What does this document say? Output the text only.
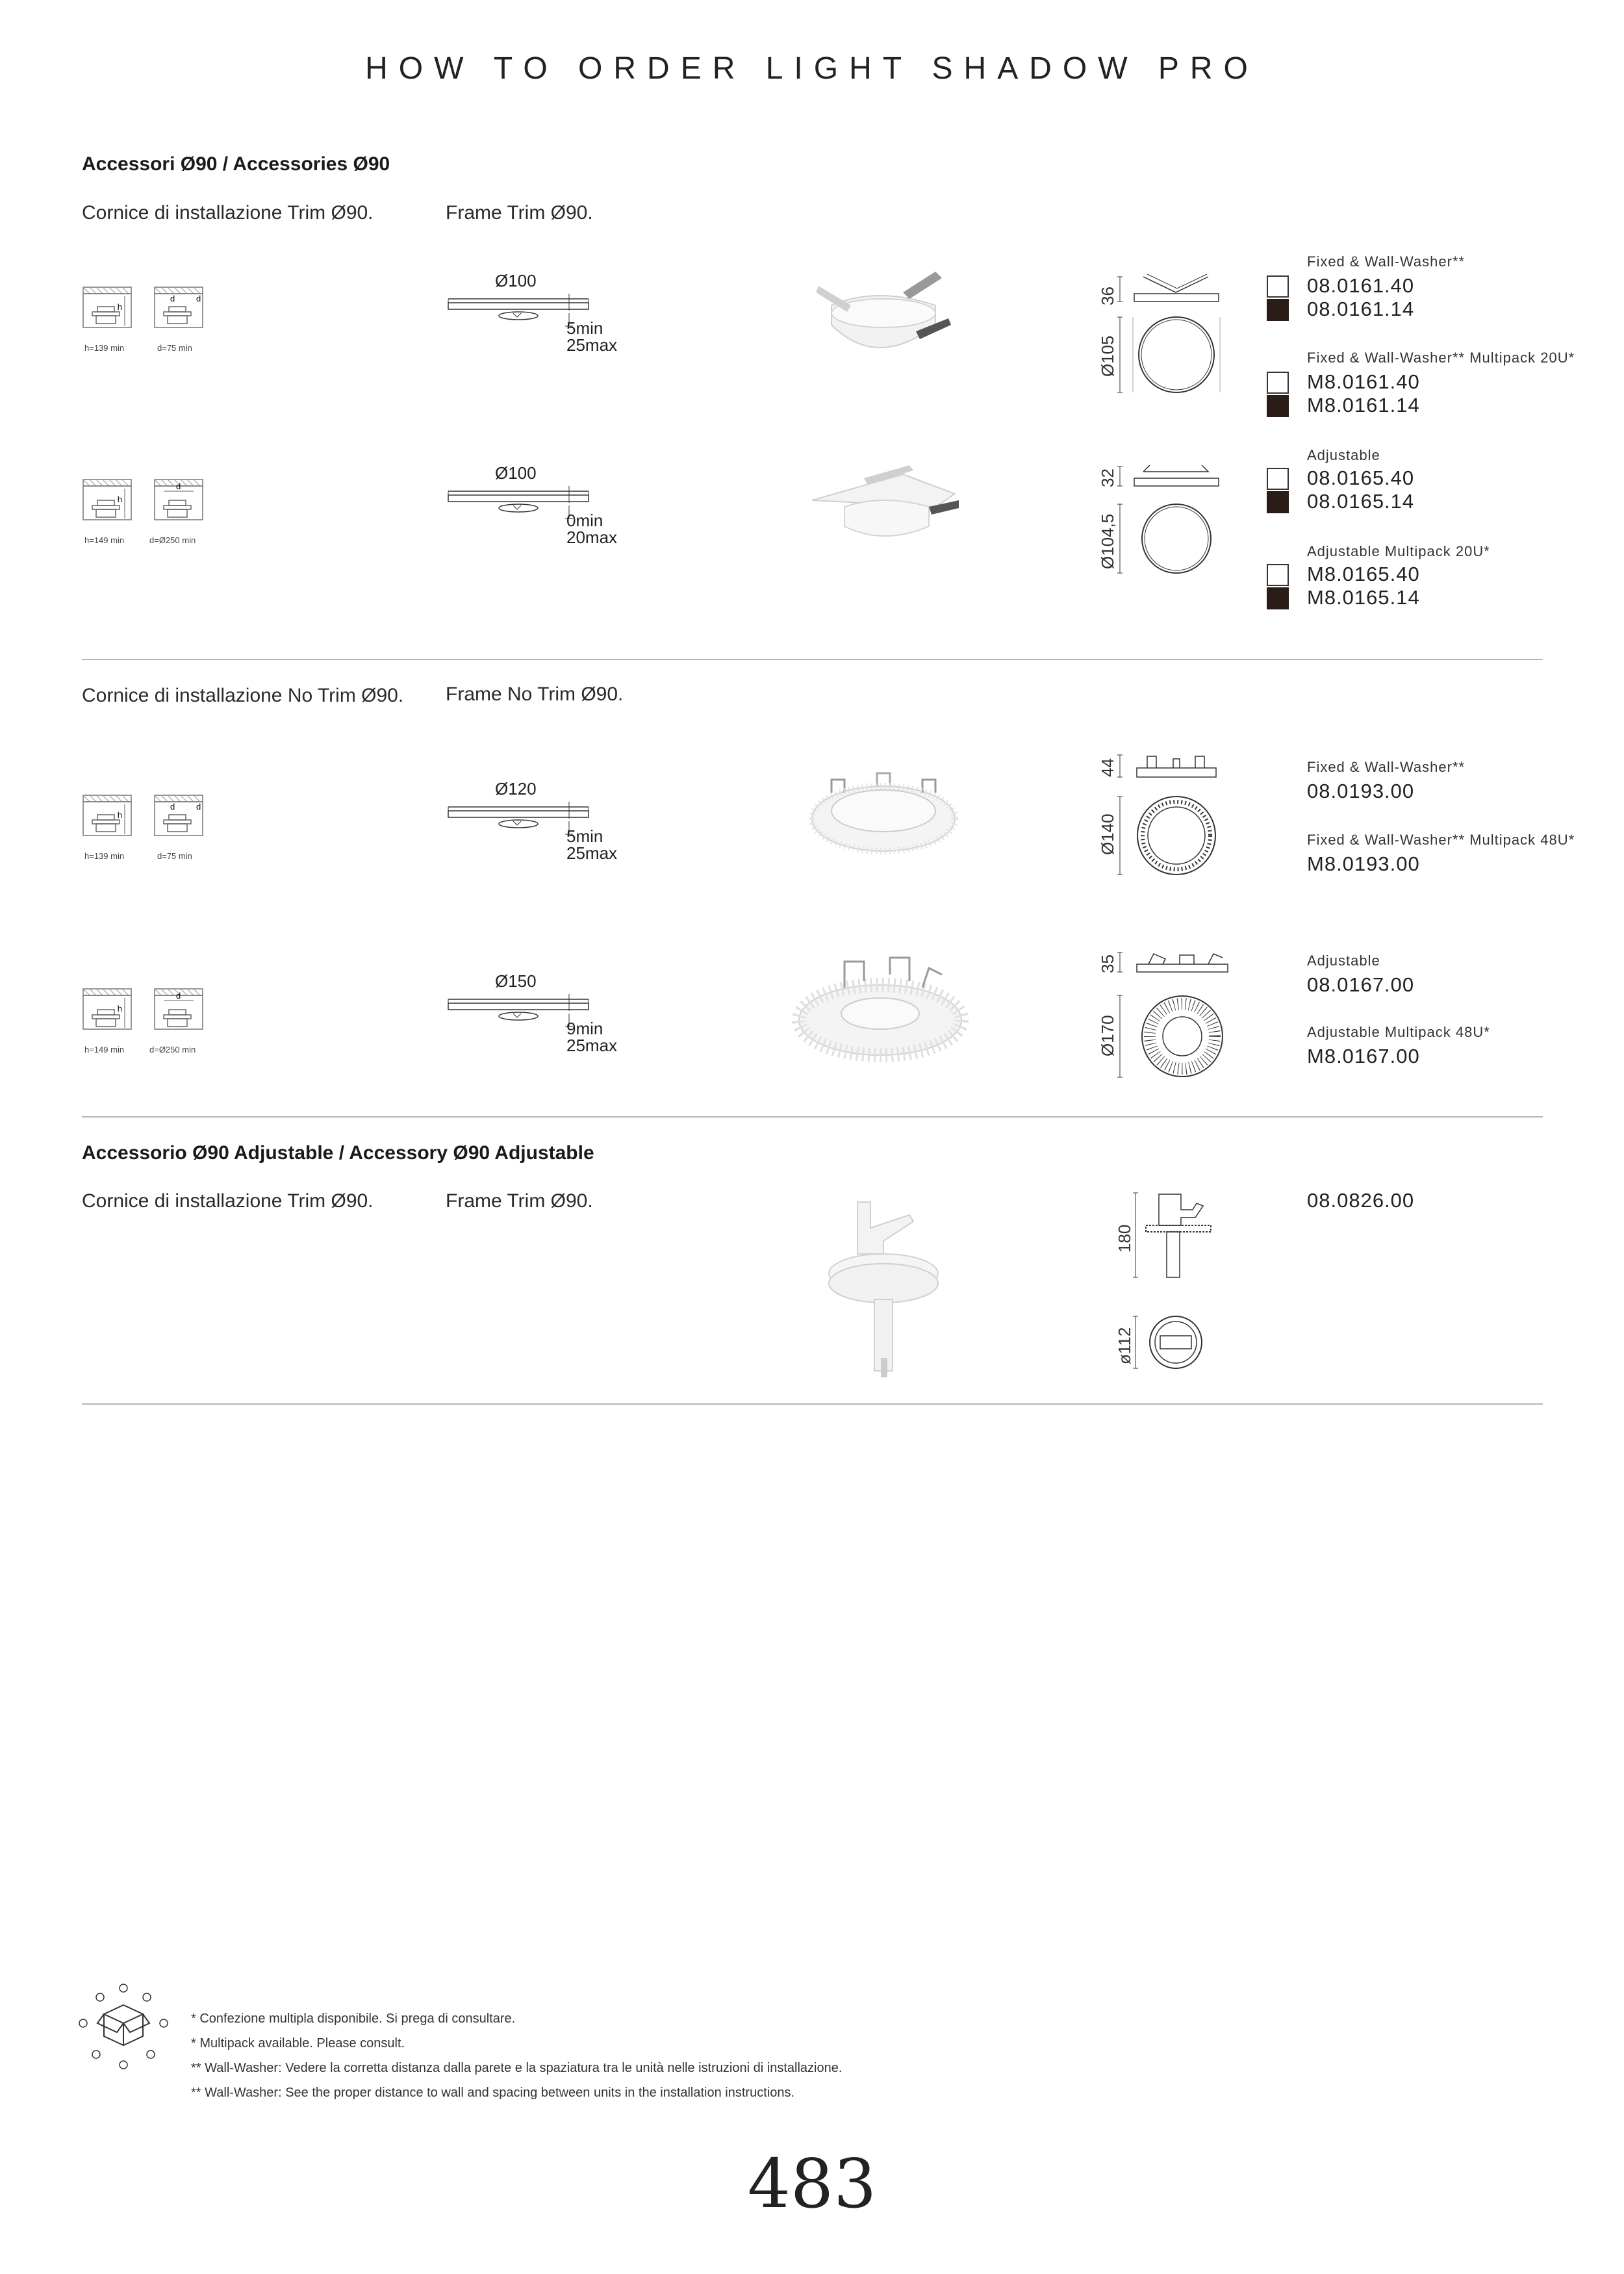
HOW TO ORDER LIGHT SHADOW PRO
Accessori Ø90 / Accessories Ø90
Cornice di installazione Trim Ø90.	Frame Trim Ø90.
h
d	d
h=139 min	d=75 min
Ø100
5min
25max
36
Ø105
Fixed & Wall-Washer**
08.0161.40
08.0161.14
Fixed & Wall-Washer** Multipack 20U*
M8.0161.40
M8.0161.14
h
d
h=149 min	d=Ø250 min
Ø100
0min
20max
32
Ø104,5
Adjustable
08.0165.40
08.0165.14
Adjustable Multipack 20U*
M8.0165.40
M8.0165.14
Cornice di installazione No Trim Ø90. Frame No Trim Ø90.
h
d	d
h=139 min	d=75 min
Ø120
5min
25max
44
Ø140
Fixed & Wall-Washer**
08.0193.00
Fixed & Wall-Washer** Multipack 48U*
M8.0193.00
h
d
h=149 min	d=Ø250 min
Ø150
9min
25max
35
Ø170
Adjustable
08.0167.00
Adjustable Multipack 48U*
M8.0167.00
Accessorio Ø90 Adjustable / Accessory Ø90 Adjustable
Cornice di installazione Trim Ø90.	Frame Trim Ø90.
180
ø112
08.0826.00
* Confezione multipla disponibile. Si prega di consultare.
* Multipack available. Please consult.
** Wall-Washer: Vedere la corretta distanza dalla parete e la spaziatura tra le unità nelle istruzioni di installazione.
** Wall-Washer: See the proper distance to wall and spacing between units in the installation instructions.
483
